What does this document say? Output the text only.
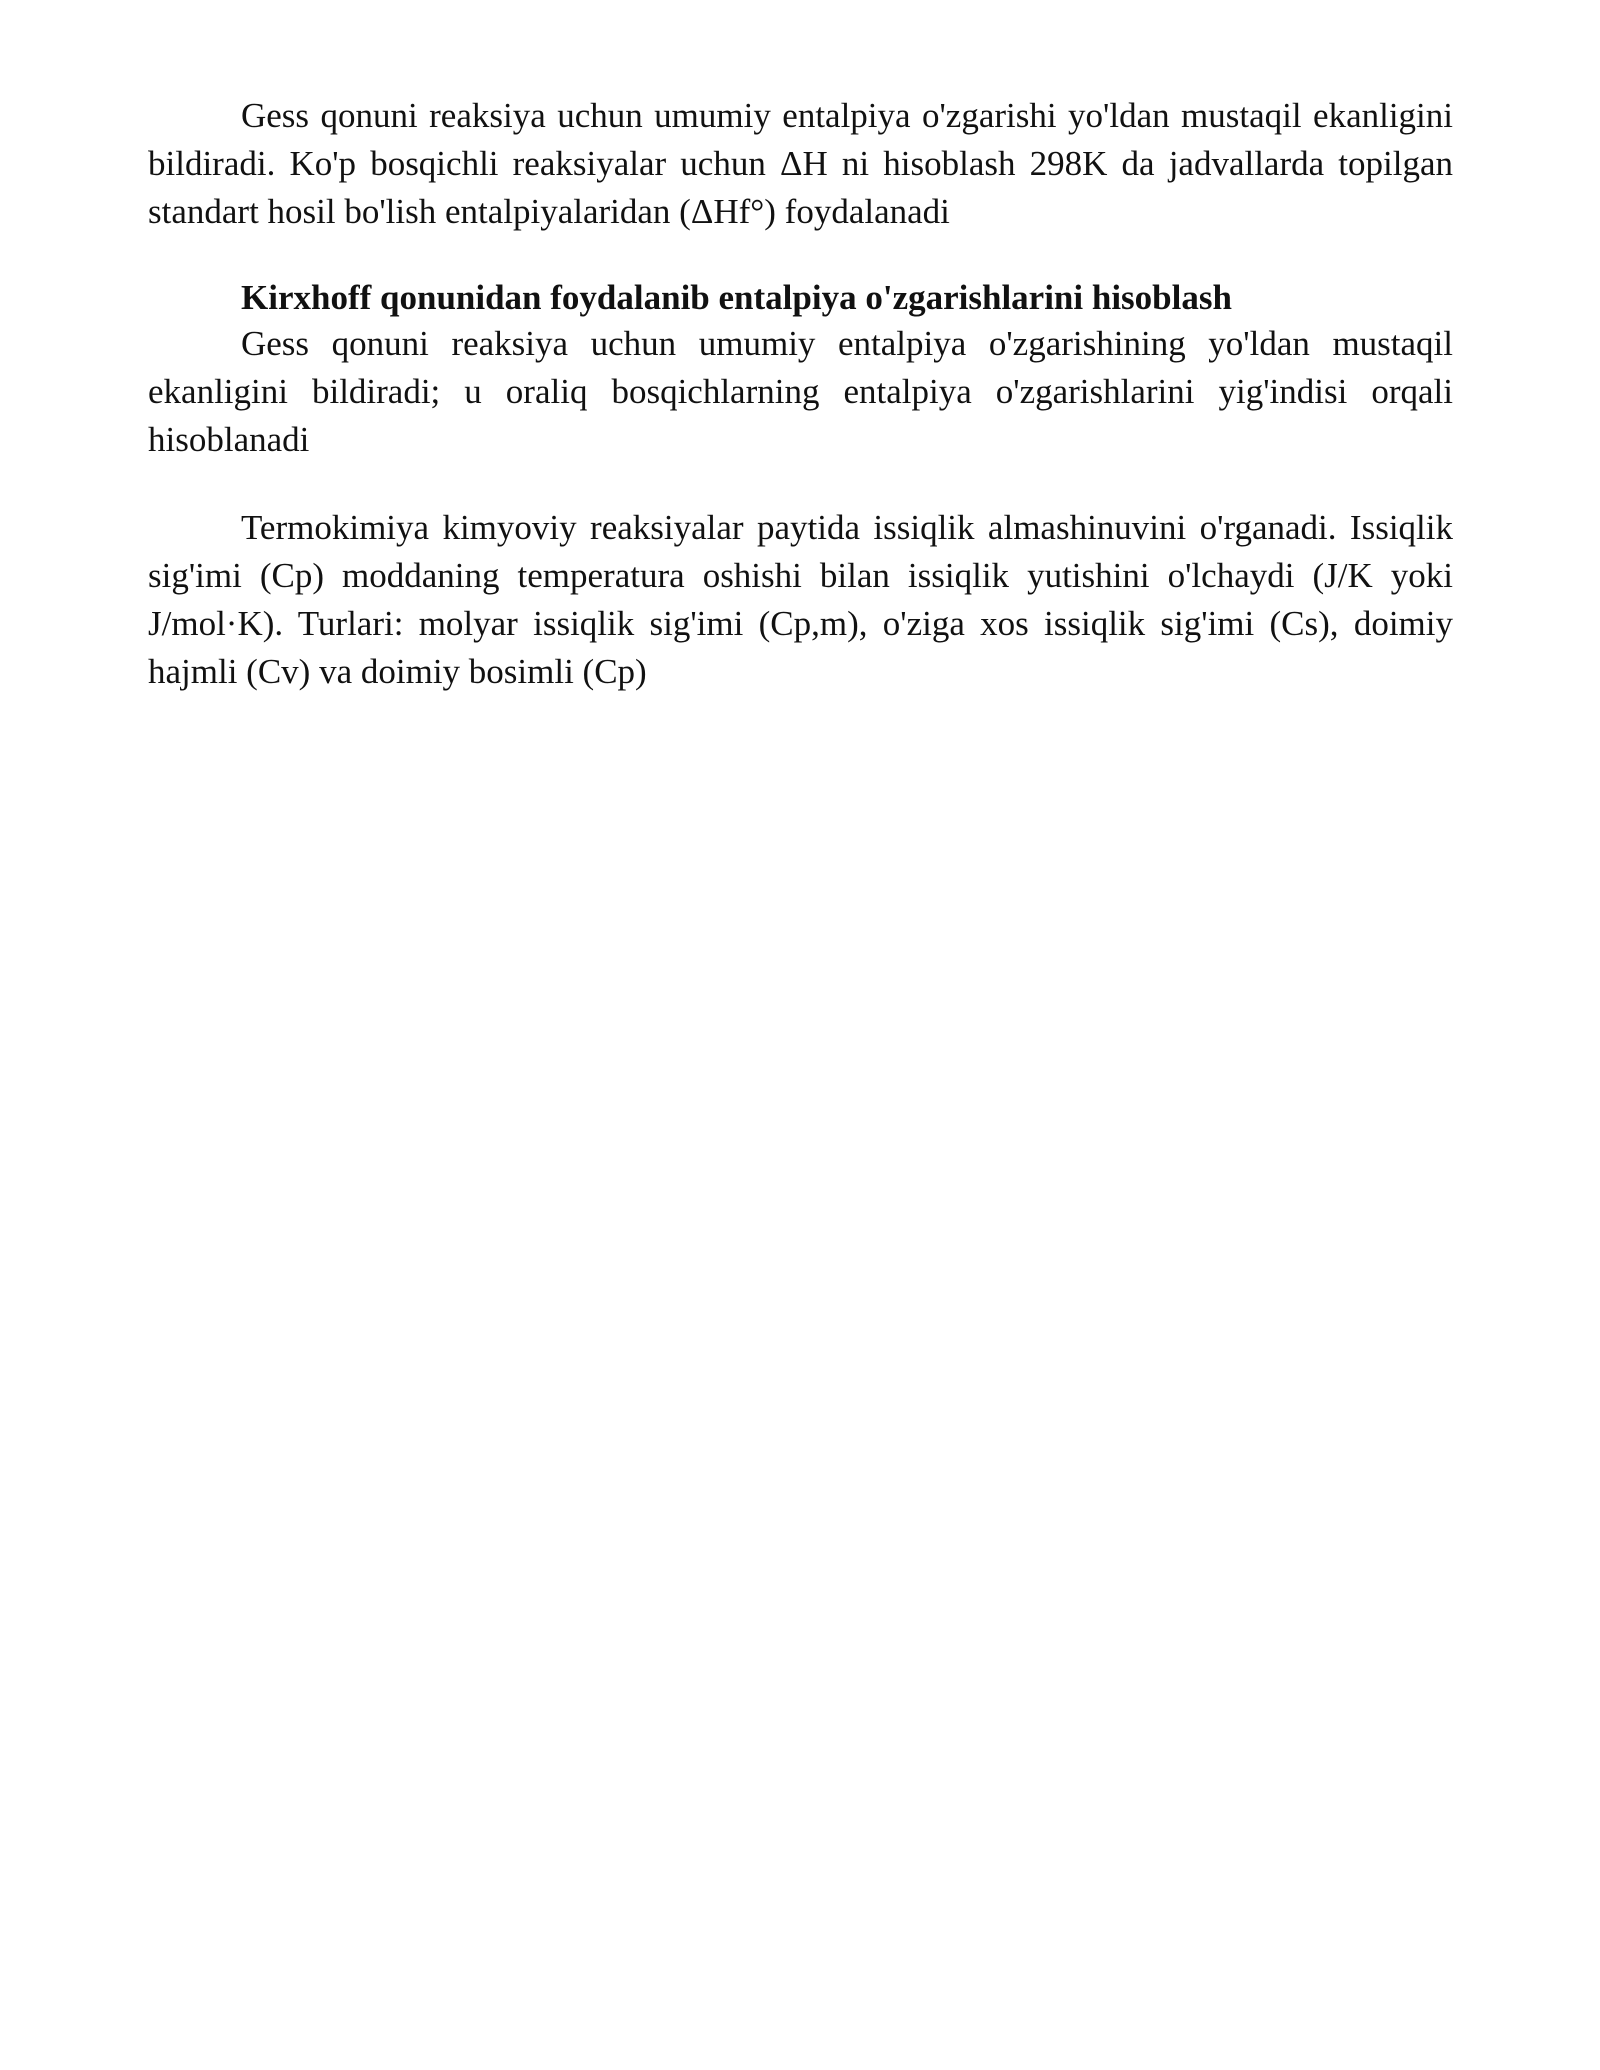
Gess qonuni reaksiya uchun umumiy entalpiya o'zgarishi yo'ldan mustaqil ekanligini bildiradi. Ko'p bosqichli reaksiyalar uchun ΔH ni hisoblash 298K da jadvallarda topilgan standart hosil bo'lish entalpiyalaridan (ΔHf°) foydalanadi

Kirxhoff qonunidan foydalanib entalpiya o'zgarishlarini hisoblash

Gess qonuni reaksiya uchun umumiy entalpiya o'zgarishining yo'ldan mustaqil ekanligini bildiradi; u oraliq bosqichlarning entalpiya o'zgarishlarini yig'indisi orqali hisoblanadi

Termokimiya kimyoviy reaksiyalar paytida issiqlik almashinuvini o'rganadi. Issiqlik sig'imi (Cp) moddaning temperatura oshishi bilan issiqlik yutishini o'lchaydi (J/K yoki J/mol·K). Turlari: molyar issiqlik sig'imi (Cp,m), o'ziga xos issiqlik sig'imi (Cs), doimiy hajmli (Cv) va doimiy bosimli (Cp)
